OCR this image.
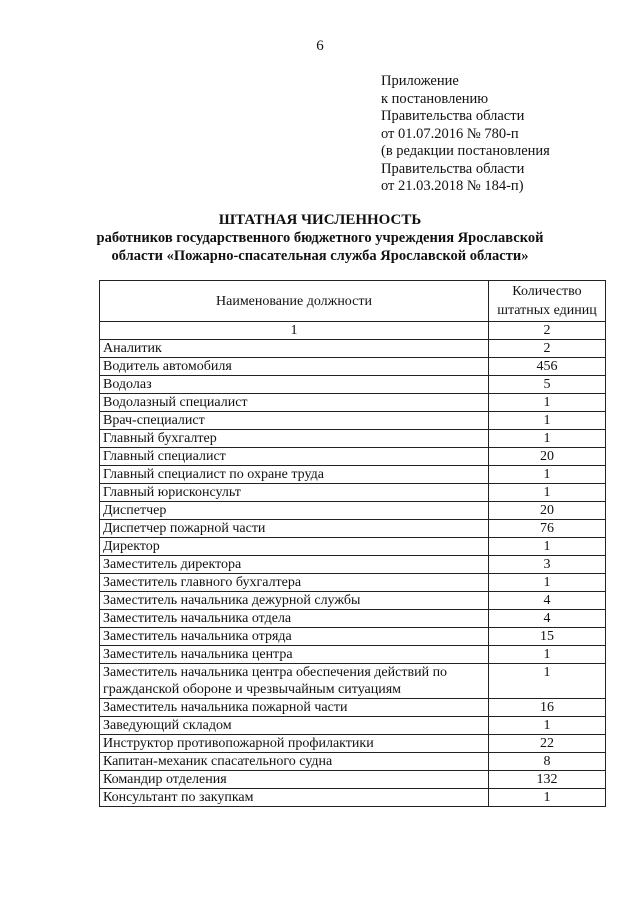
6
Приложение
к постановлению
Правительства области
от 01.07.2016 № 780-п
(в редакции постановления
Правительства области
от 21.03.2018 № 184-п)
ШТАТНАЯ ЧИСЛЕННОСТЬ
работников государственного бюджетного учреждения Ярославской
области «Пожарно-спасательная служба Ярославской области»
Наименование должности	Количество
штатных единиц

1	2
Аналитик	2
Водитель автомобиля	456
Водолаз	5
Водолазный специалист	1
Врач-специалист	1
Главный бухгалтер	1
Главный специалист	20
Главный специалист по охране труда	1
Главный юрисконсульт	1
Диспетчер	20
Диспетчер пожарной части	76
Директор	1
Заместитель директора	3
Заместитель главного бухгалтера	1
Заместитель начальника дежурной службы	4
Заместитель начальника отдела	4
Заместитель начальника отряда	15
Заместитель начальника центра	1
Заместитель начальника центра обеспечения действий по гражданской обороне и чрезвычайным ситуациям	1
Заместитель начальника пожарной части	16
Заведующий складом	1
Инструктор противопожарной профилактики	22
Капитан-механик спасательного судна	8
Командир отделения	132
Консультант по закупкам	1
